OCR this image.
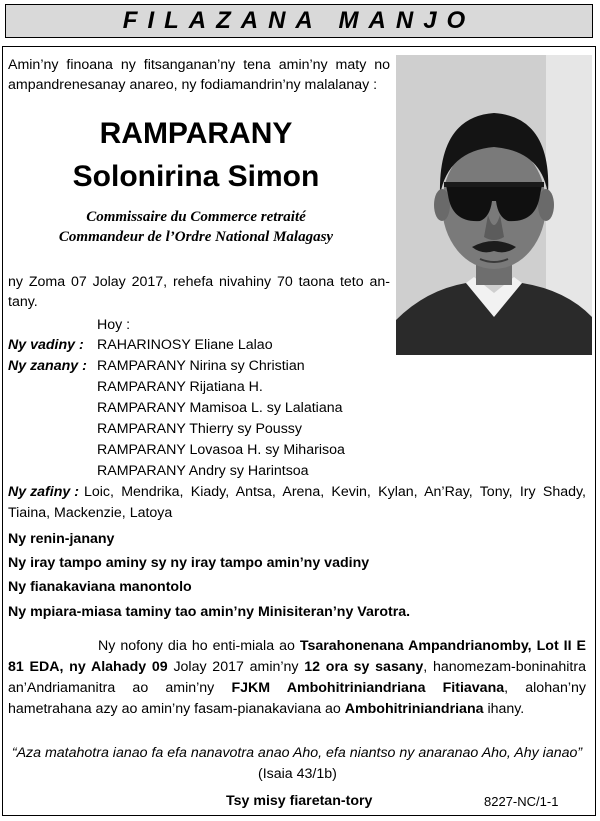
FILAZANA MANJO
Amin’ny finoana ny fitsanganan’ny tena amin’ny maty no
ampandrenesanay anareo, ny fodiamandrin’ny malalanay :
RAMPARANY
Solonirina Simon
Commissaire du Commerce retraité
Commandeur de l’Ordre National Malagasy
ny Zoma 07 Jolay 2017, rehefa nivahiny 70 taona teto an-
tany.
Hoy :
Ny vadiny : RAHARINOSY Eliane Lalao
Ny zanany : RAMPARANY Nirina sy Christian
RAMPARANY Rijatiana H.
RAMPARANY Mamisoa L. sy Lalatiana
RAMPARANY Thierry sy Poussy
RAMPARANY Lovasoa H. sy Miharisoa
RAMPARANY Andry sy Harintsoa
Ny zafiny : Loic, Mendrika, Kiady, Antsa, Arena, Kevin, Kylan, An’Ray, Tony, Iry Shady,
Tiaina, Mackenzie, Latoya
Ny renin-janany
Ny iray tampo aminy sy ny iray tampo amin’ny vadiny
Ny fianakaviana manontolo
Ny mpiara-miasa taminy tao amin’ny Minisiteran’ny Varotra.
Ny nofony dia ho enti-miala ao Tsarahonenana Ampandrianomby, Lot II E 81 EDA, ny Alahady 09 Jolay 2017 amin’ny 12 ora sy sasany, hanomezam-boninahitra an’Andriamanitra ao amin’ny FJKM Ambohitriniandriana Fitiavana, alohan’ny hametrahana azy ao amin’ny fasam-pianakaviana ao Ambohitriniandriana ihany.
“Aza matahotra ianao fa efa nanavotra anao Aho, efa niantso ny anaranao Aho, Ahy ianao”
(Isaia 43/1b)
Tsy misy fiaretan-tory	8227-NC/1-1
